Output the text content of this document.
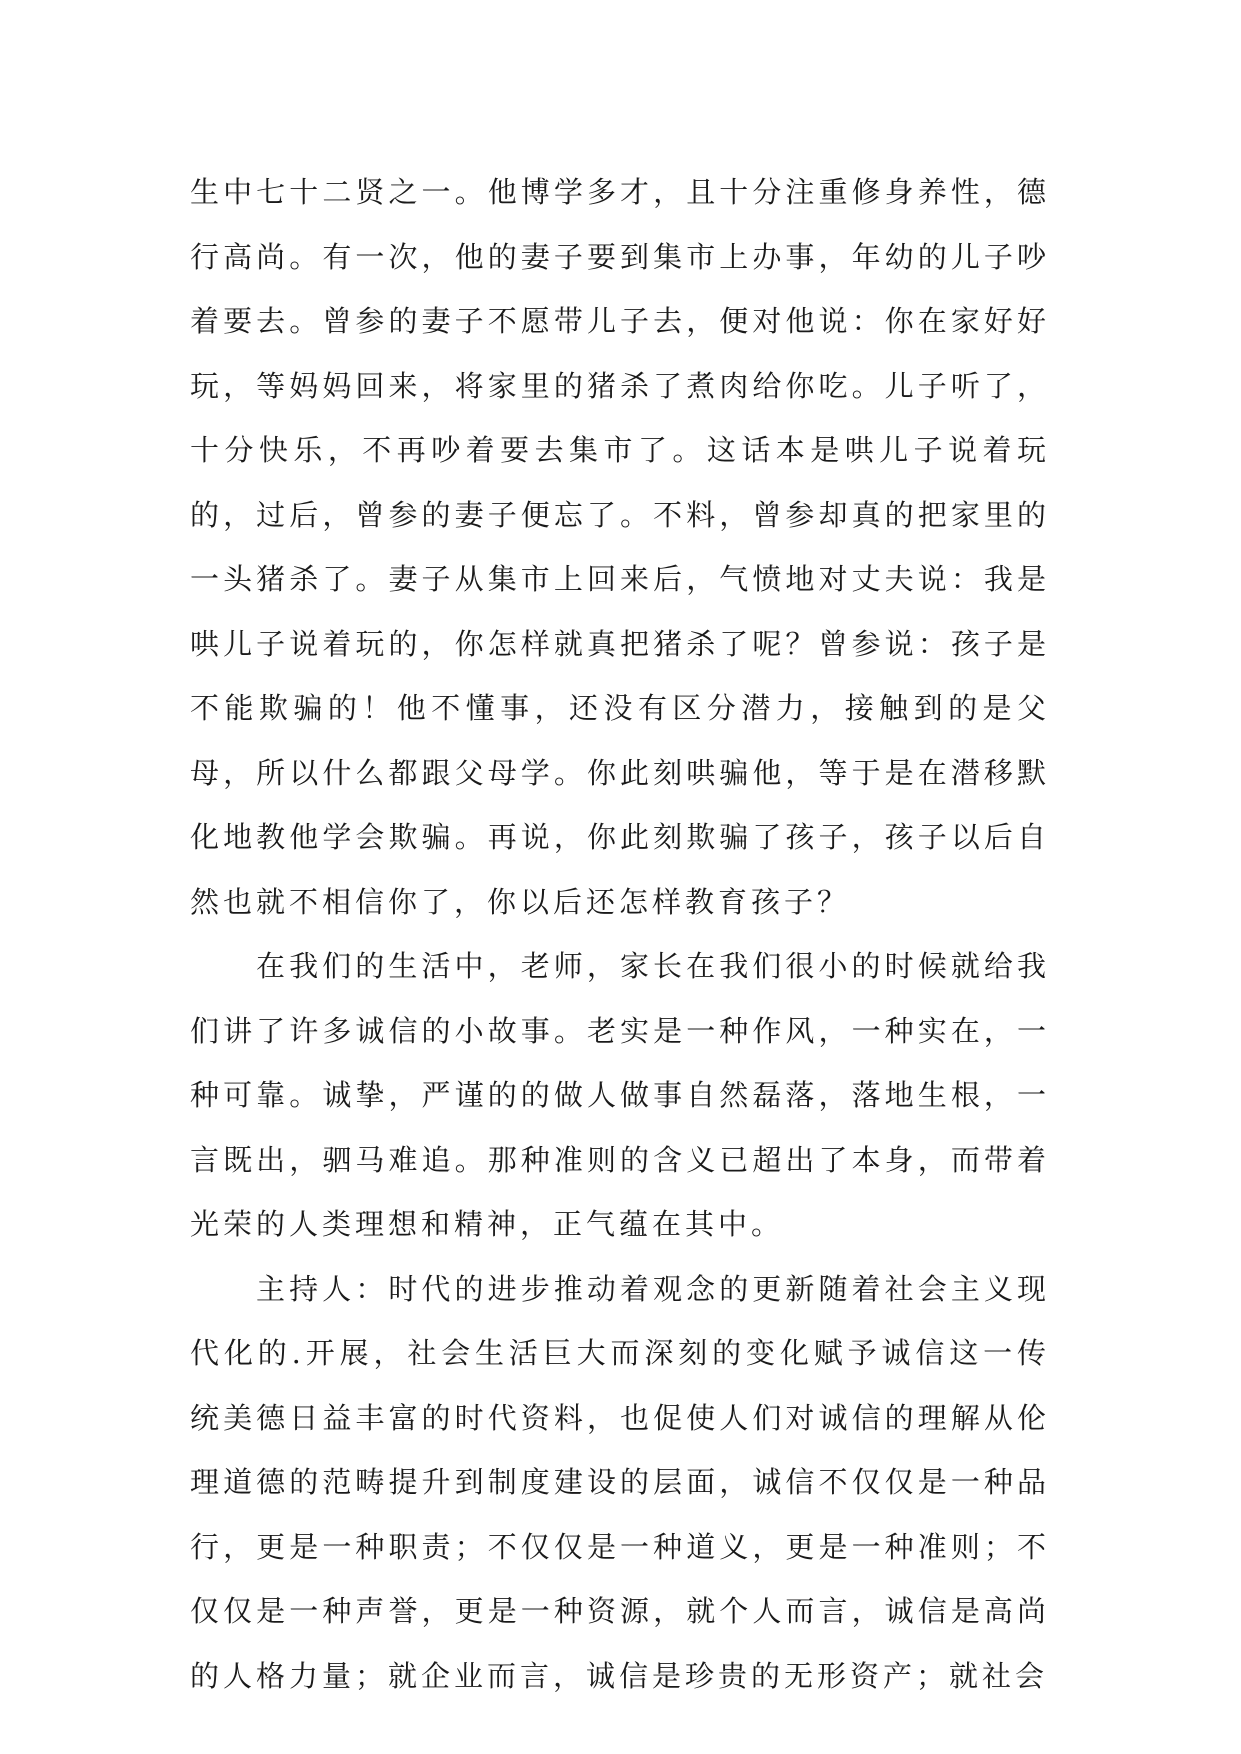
生中七十二贤之一。他博学多才，且十分注重修身养性，德行高尚。有一次，他的妻子要到集市上办事，年幼的儿子吵着要去。曾参的妻子不愿带儿子去，便对他说：你在家好好玩，等妈妈回来，将家里的猪杀了煮肉给你吃。儿子听了，十分快乐，不再吵着要去集市了。这话本是哄儿子说着玩的，过后，曾参的妻子便忘了。不料，曾参却真的把家里的一头猪杀了。妻子从集市上回来后，气愤地对丈夫说：我是哄儿子说着玩的，你怎样就真把猪杀了呢？曾参说：孩子是不能欺骗的！他不懂事，还没有区分潜力，接触到的是父母，所以什么都跟父母学。你此刻哄骗他，等于是在潜移默化地教他学会欺骗。再说，你此刻欺骗了孩子，孩子以后自然也就不相信你了，你以后还怎样教育孩子？

在我们的生活中，老师，家长在我们很小的时候就给我们讲了许多诚信的小故事。老实是一种作风，一种实在，一种可靠。诚挚，严谨的的做人做事自然磊落，落地生根，一言既出，驷马难追。那种准则的含义已超出了本身，而带着光荣的人类理想和精神，正气蕴在其中。

主持人：时代的进步推动着观念的更新随着社会主义现代化的.开展，社会生活巨大而深刻的变化赋予诚信这一传统美德日益丰富的时代资料，也促使人们对诚信的理解从伦理道德的范畴提升到制度建设的层面，诚信不仅仅是一种品行，更是一种职责；不仅仅是一种道义，更是一种准则；不仅仅是一种声誉，更是一种资源，就个人而言，诚信是高尚的人格力量；就企业而言，诚信是珍贵的无形资产；就社会
